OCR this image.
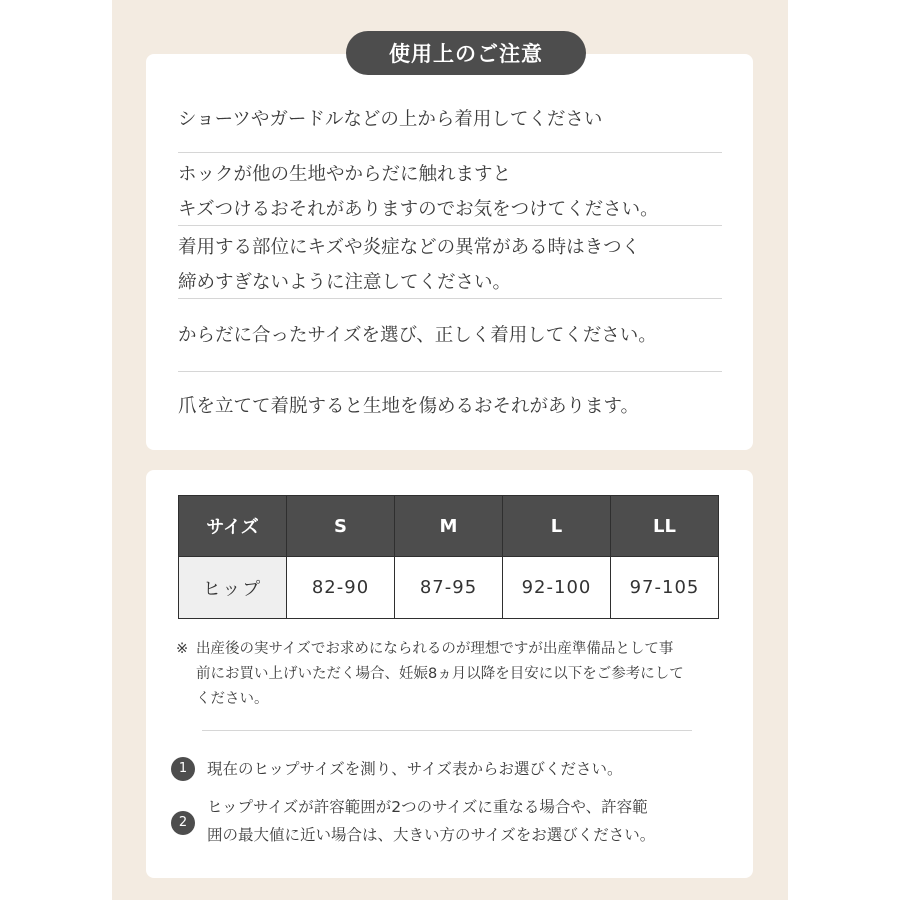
使用上のご注意
ショーツやガードルなどの上から着用してください
ホックが他の生地やからだに触れますと
キズつけるおそれがありますのでお気をつけてください。
着用する部位にキズや炎症などの異常がある時はきつく
締めすぎないように注意してください。
からだに合ったサイズを選び、正しく着用してください。
爪を立てて着脱すると生地を傷めるおそれがあります。
サイズ	S	M	L	LL
ヒップ	82-90	87-95	92-100	97-105
※ 出産後の実サイズでお求めになられるのが理想ですが出産準備品として事
前にお買い上げいただく場合、妊娠8ヵ月以降を目安に以下をご参考にして
ください。
1	現在のヒップサイズを測り、サイズ表からお選びください。
2
ヒップサイズが許容範囲が2つのサイズに重なる場合や、許容範
囲の最大値に近い場合は、大きい方のサイズをお選びください。
